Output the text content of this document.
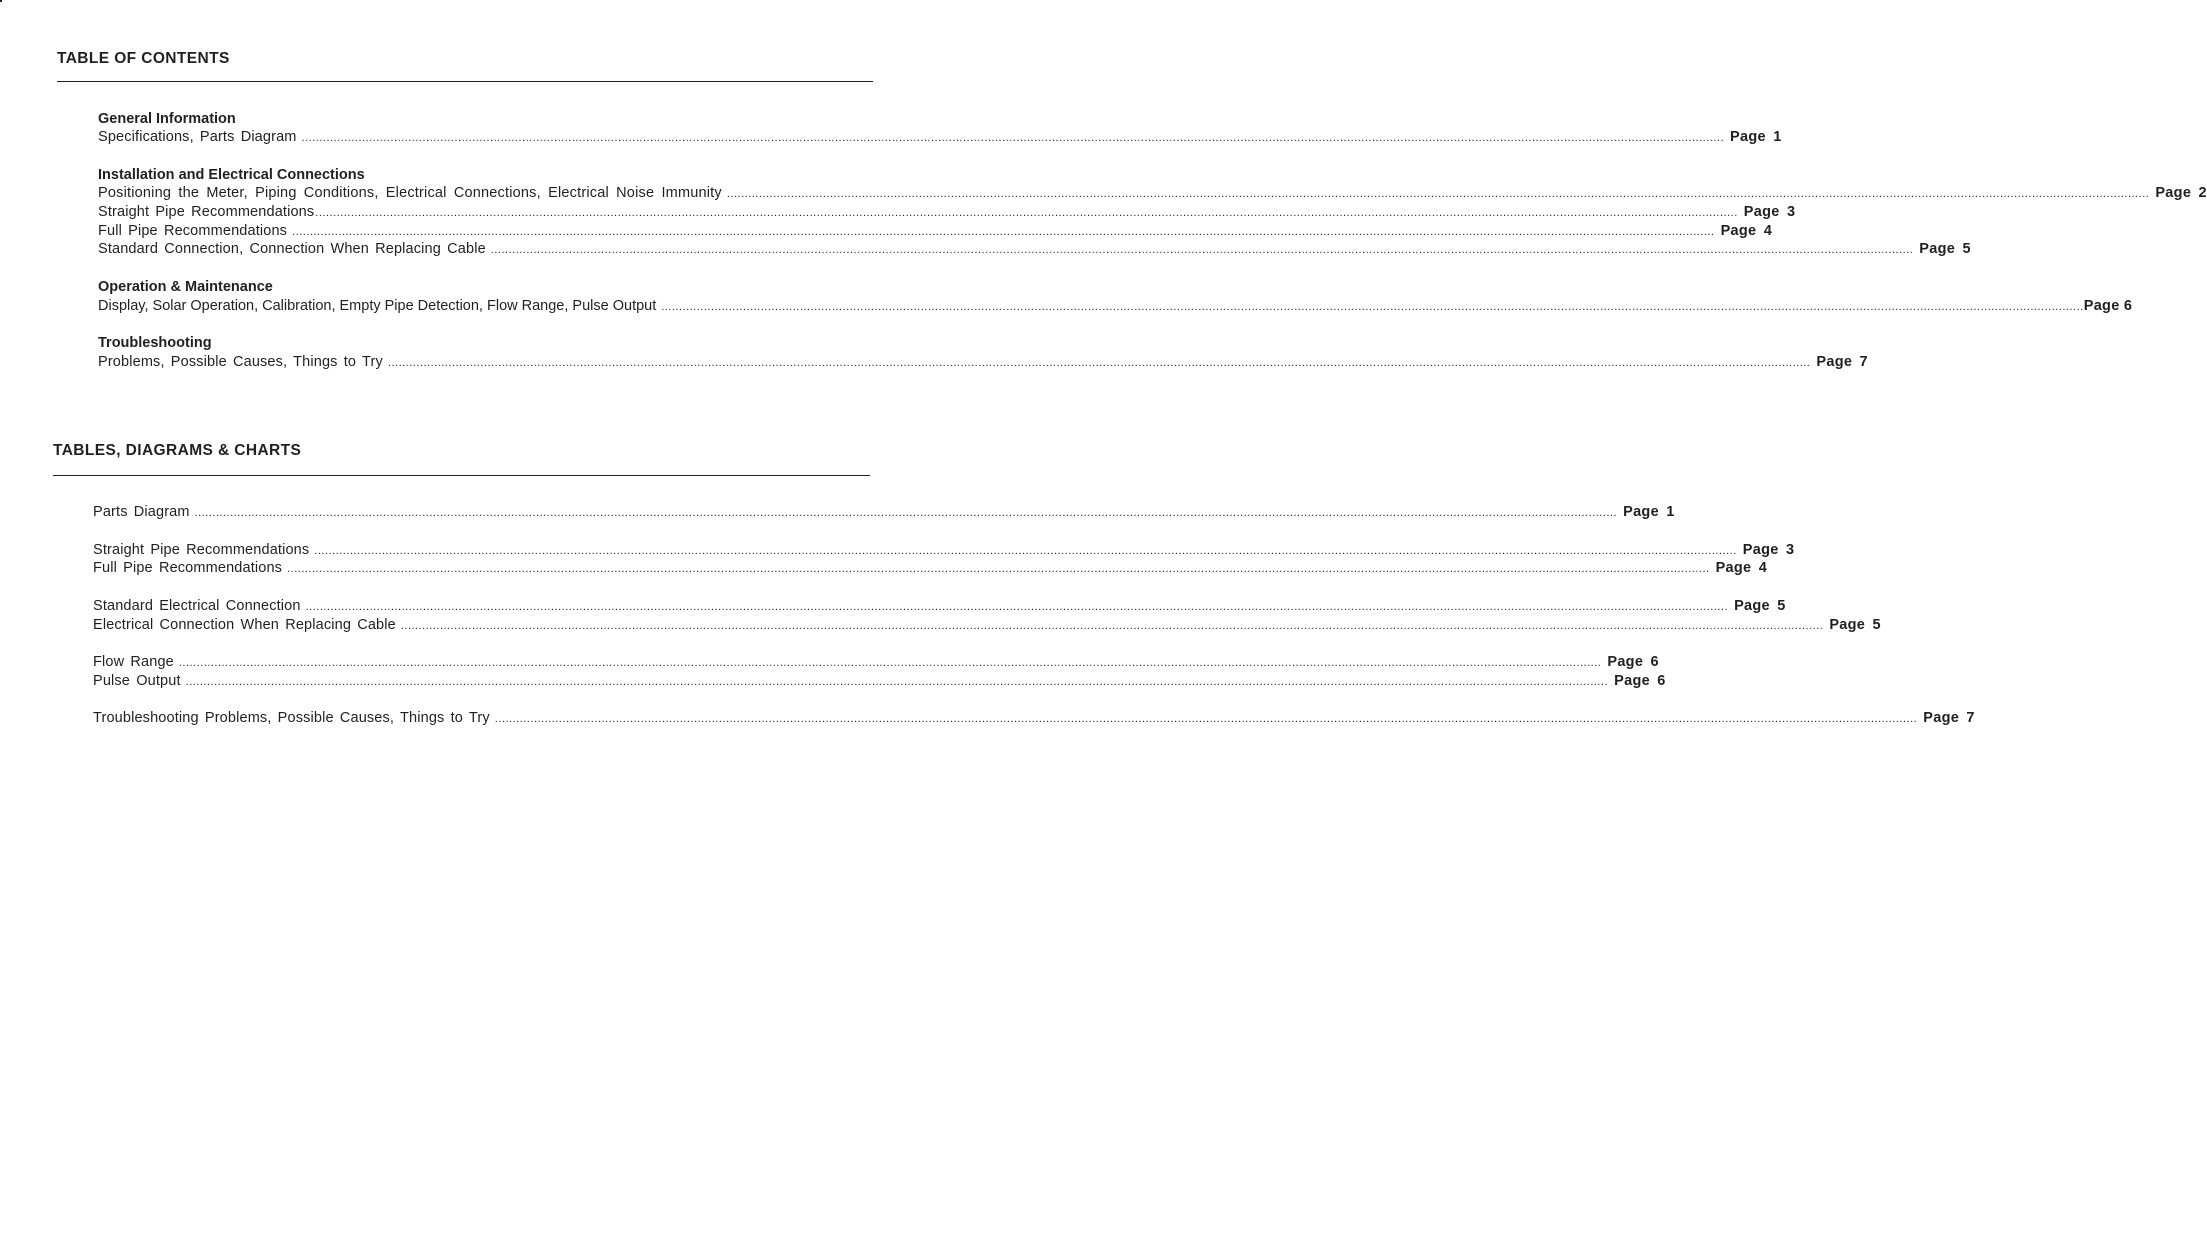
TABLE OF CONTENTS
General Information
Specifications, Parts Diagram ................................................................................................................................................................................................................................................................................................................................................................................................................ Page 1
Installation and Electrical Connections
Positioning the Meter, Piping Conditions, Electrical Connections, Electrical Noise Immunity ................................................................................................................................................................................................................................................................................................................................................................................................................ Page 2
Straight Pipe Recommendations ................................................................................................................................................................................................................................................................................................................................................................................................................ Page 3
Full Pipe Recommendations ................................................................................................................................................................................................................................................................................................................................................................................................................ Page 4
Standard Connection, Connection When Replacing Cable ................................................................................................................................................................................................................................................................................................................................................................................................................ Page 5
Operation & Maintenance
Display, Solar Operation, Calibration, Empty Pipe Detection, Flow Range, Pulse Output ................................................................................................................................................................................................................................................................................................................................................................................................................ Page 6
Troubleshooting
Problems, Possible Causes, Things to Try ................................................................................................................................................................................................................................................................................................................................................................................................................ Page 7
TABLES, DIAGRAMS & CHARTS
Parts Diagram ................................................................................................................................................................................................................................................................................................................................................................................................................ Page 1
Straight Pipe Recommendations ................................................................................................................................................................................................................................................................................................................................................................................................................ Page 3
Full Pipe Recommendations ................................................................................................................................................................................................................................................................................................................................................................................................................ Page 4
Standard Electrical Connection ................................................................................................................................................................................................................................................................................................................................................................................................................ Page 5
Electrical Connection When Replacing Cable ................................................................................................................................................................................................................................................................................................................................................................................................................ Page 5
Flow Range ................................................................................................................................................................................................................................................................................................................................................................................................................ Page 6
Pulse Output ................................................................................................................................................................................................................................................................................................................................................................................................................ Page 6
Troubleshooting Problems, Possible Causes, Things to Try ................................................................................................................................................................................................................................................................................................................................................................................................................ Page 7
